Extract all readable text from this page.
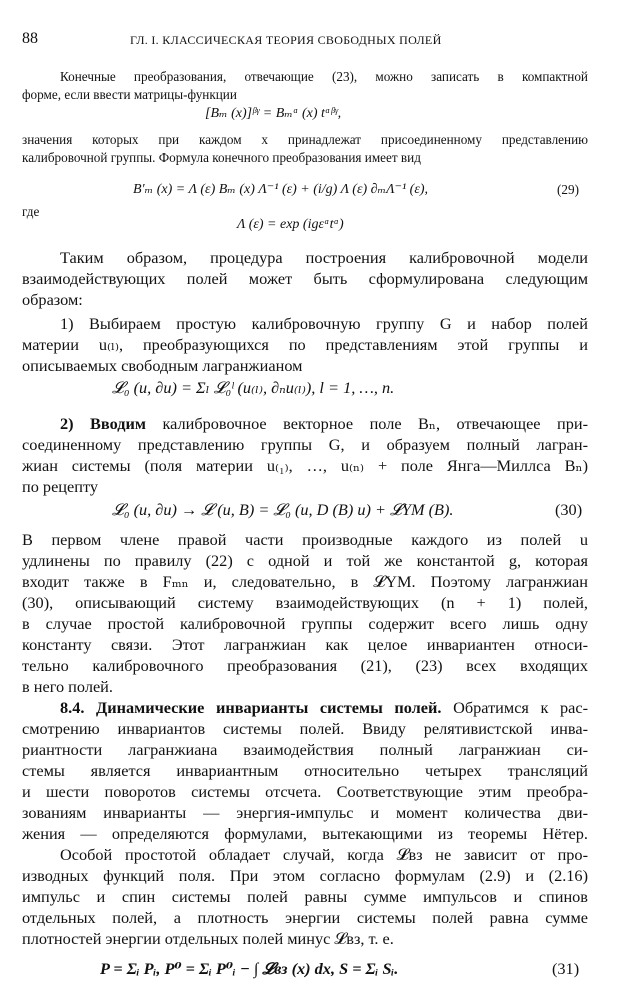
88	ГЛ. I. КЛАССИЧЕСКАЯ ТЕОРИЯ СВОБОДНЫХ ПОЛЕЙ

Конечные преобразования, отвечающие (23), можно записать в компактной

форме, если ввести матрицы-функции

[Bₘ (x)]ᵝᵞ = Bₘᵅ (x) tᵅᵝᵞ,

значения которых при каждом x принадлежат присоединенному представлению

калибровочной группы. Формула конечного преобразования имеет вид

B′ₘ (x) = Λ (ε) Bₘ (x) Λ⁻¹ (ε) + (i/g) Λ (ε) ∂ₘΛ⁻¹ (ε),	(29)

где

Λ (ε) = exp (igεᵅtᵅ)

Таким образом, процедура построения калибровочной модели

взаимодействующих полей может быть сформулирована следующим

образом:

1) Выбираем простую калибровочную группу G и набор полей

материи u₍ₗ₎, преобразующихся по представлениям этой группы и

описываемых свободным лагранжианом

𝓛₀ (u, ∂u) = Σₗ 𝓛₀ˡ (u₍ₗ₎, ∂ₙu₍ₗ₎), l = 1, …, n.

2) Вводим калибровочное векторное поле Bₙ, отвечающее при-

соединенному представлению группы G, и образуем полный лагран-

жиан системы (поля материи u₍₁₎, …, u₍ₙ₎ + поле Янга—Миллса Bₙ)

по рецепту

𝓛₀ (u, ∂u) → 𝓛 (u, B) = 𝓛₀ (u, D (B) u) + 𝓛YM (B).	(30)

В первом члене правой части производные каждого из полей u

удлинены по правилу (22) с одной и той же константой g, которая

входит также в Fₘₙ и, следовательно, в 𝓛YM. Поэтому лагранжиан

(30), описывающий систему взаимодействующих (n + 1) полей,

в случае простой калибровочной группы содержит всего лишь одну

константу связи. Этот лагранжиан как целое инвариантен относи-

тельно калибровочного преобразования (21), (23) всех входящих

в него полей.

8.4. Динамические инварианты системы полей. Обратимся к рас-

смотрению инвариантов системы полей. Ввиду релятивистской инва-

риантности лагранжиана взаимодействия полный лагранжиан си-

стемы является инвариантным относительно четырех трансляций

и шести поворотов системы отсчета. Соответствующие этим преобра-

зованиям инварианты — энергия-импульс и момент количества дви-

жения — определяются формулами, вытекающими из теоремы Нётер.

Особой простотой обладает случай, когда 𝓛вз не зависит от про-

изводных функций поля. При этом согласно формулам (2.9) и (2.16)

импульс и спин системы полей равны сумме импульсов и спинов

отдельных полей, а плотность энергии системы полей равна сумме

плотностей энергии отдельных полей минус 𝓛вз, т. е.

P = Σᵢ Pᵢ, P⁰ = Σᵢ P⁰ᵢ − ∫ 𝓛вз (x) dx, S = Σᵢ Sᵢ.	(31)
